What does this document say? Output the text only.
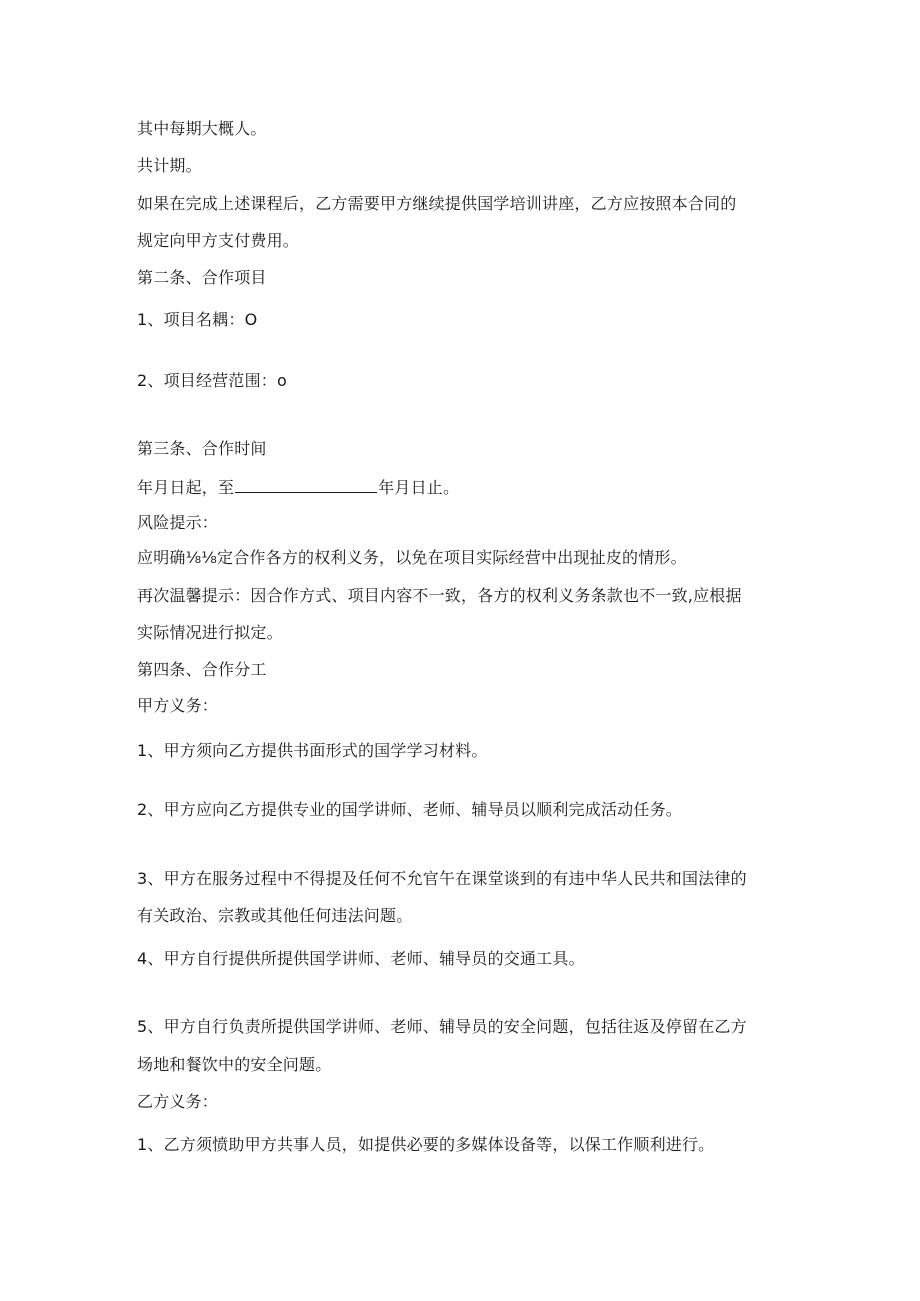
其中每期大概人。
共计期。
如果在完成上述课程后，乙方需要甲方继续提供国学培训讲座，乙方应按照本合同的
规定向甲方支付费用。
第二条、合作项目
1、项目名耦：O
2、项目经营范围：o
第三条、合作时间
年月日起，至	年月日止。
风险提示：
应明确⅛⅛定合作各方的权利义务，以免在项目实际经营中出现扯皮的情形。
再次温馨提示：因合作方式、项目内容不一致，各方的权利义务条款也不一致,应根据
实际情况进行拟定。
第四条、合作分工
甲方义务：
1、甲方须向乙方提供书面形式的国学学习材料。
2、甲方应向乙方提供专业的国学讲师、老师、辅导员以顺利完成活动任务。
3、甲方在服务过程中不得提及任何不允官午在课堂谈到的有违中华人民共和国法律的
有关政治、宗教或其他任何违法问题。
4、甲方自行提供所提供国学讲师、老师、辅导员的交通工具。
5、甲方自行负责所提供国学讲师、老师、辅导员的安全问题，包括往返及停留在乙方
场地和餐饮中的安全问题。
乙方义务：
1、乙方须愤助甲方共事人员，如提供必要的多媒体设备等，以保工作顺利进行。
